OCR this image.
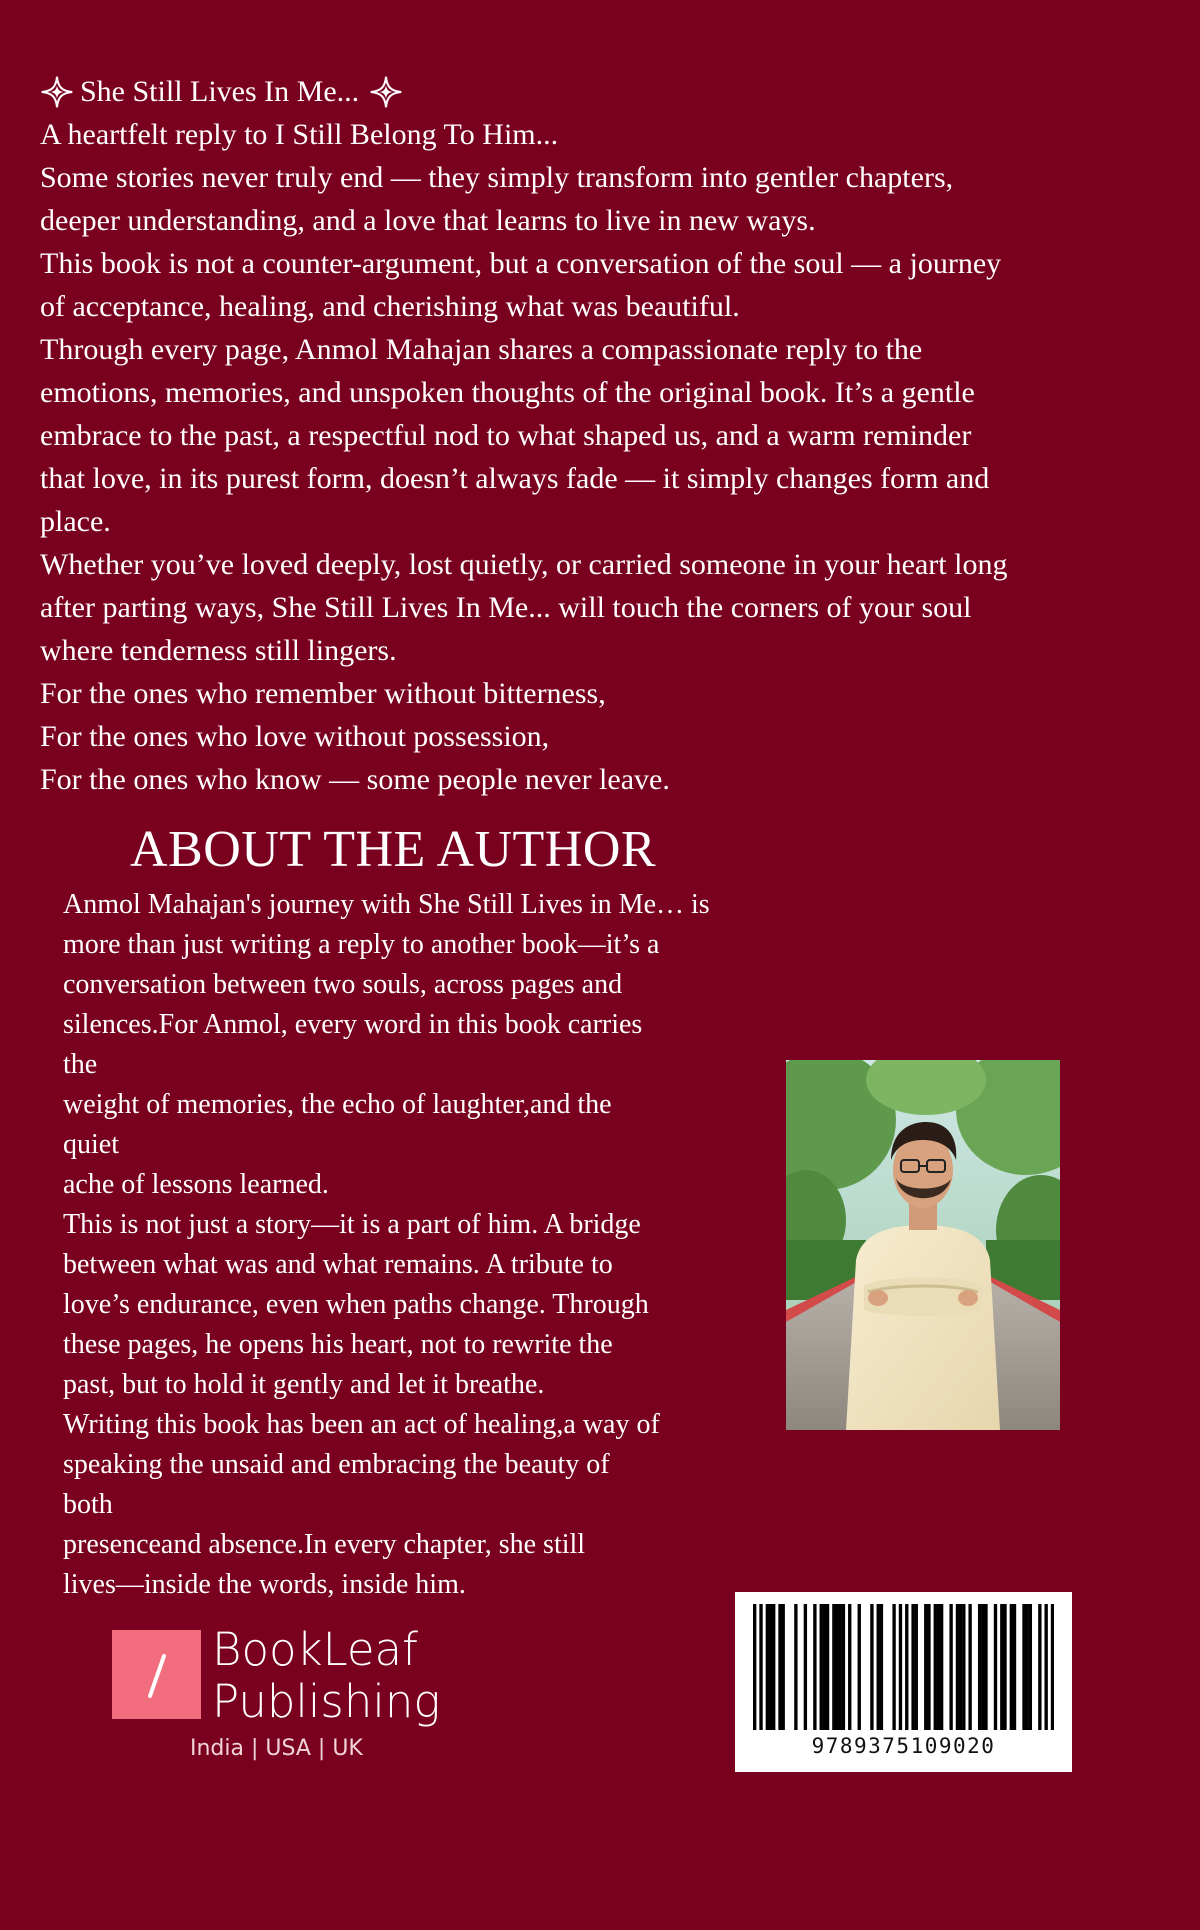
She Still Lives In Me...

A heartfelt reply to I Still Belong To Him...

Some stories never truly end — they simply transform into gentler chapters,

deeper understanding, and a love that learns to live in new ways.

This book is not a counter-argument, but a conversation of the soul — a journey

of acceptance, healing, and cherishing what was beautiful.

Through every page, Anmol Mahajan shares a compassionate reply to the

emotions, memories, and unspoken thoughts of the original book. It’s a gentle

embrace to the past, a respectful nod to what shaped us, and a warm reminder

that love, in its purest form, doesn’t always fade — it simply changes form and

place.

Whether you’ve loved deeply, lost quietly, or carried someone in your heart long

after parting ways, She Still Lives In Me... will touch the corners of your soul

where tenderness still lingers.

For the ones who remember without bitterness,

For the ones who love without possession,

For the ones who know — some people never leave.

ABOUT THE AUTHOR

Anmol Mahajan's journey with She Still Lives in Me… is

more than just writing a reply to another book—it’s a

conversation between two souls, across pages and

silences.For Anmol, every word in this book carries

the

weight of memories, the echo of laughter,and the

quiet

ache of lessons learned.

This is not just a story—it is a part of him. A bridge

between what was and what remains. A tribute to

love’s endurance, even when paths change. Through

these pages, he opens his heart, not to rewrite the

past, but to hold it gently and let it breathe.

Writing this book has been an act of healing,a way of

speaking the unsaid and embracing the beauty of

both

presenceand absence.In every chapter, she still

lives—inside the words, inside him.

BookLeaf
Publishing
India | USA | UK	9789375109020
